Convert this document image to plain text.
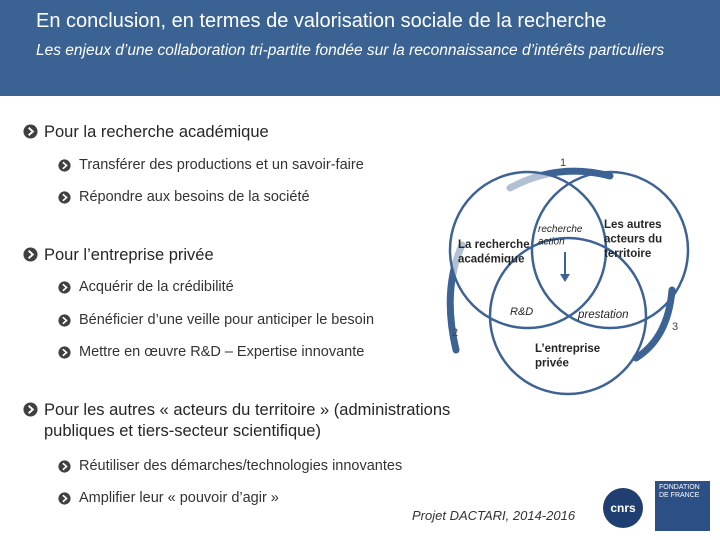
En conclusion, en termes de valorisation sociale de la recherche
Les enjeux d’une collaboration tri-partite fondée sur la reconnaissance d’intérêts particuliers
Pour la recherche académique
Transférer des productions et un savoir-faire
Répondre aux besoins de la société
Pour l’entreprise privée
Acquérir de la crédibilité
Bénéficier d’une veille pour anticiper le besoin
Mettre en œuvre R&D – Expertise innovante
Pour les autres « acteurs du territoire » (administrations publiques et tiers-secteur scientifique)
Réutiliser des démarches/technologies innovantes
Amplifier leur « pouvoir d’agir »
La recherche académique
Les autres acteurs du territoire
L’entreprise privée
recherche action
R&D	prestation
1
2	3
Projet DACTARI, 2014-2016	cnrs
FONDATION DE FRANCE
